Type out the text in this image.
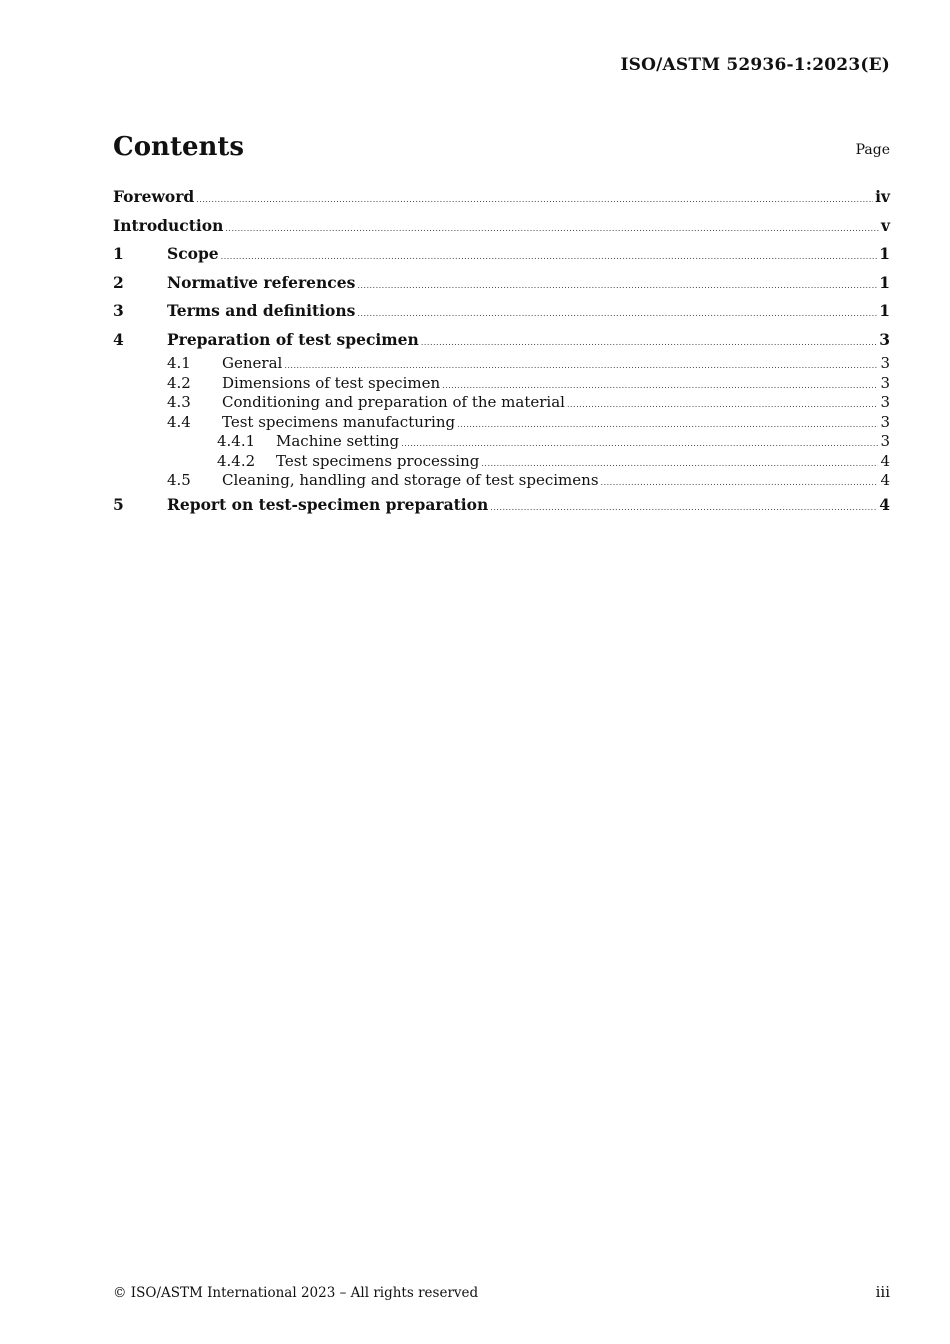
ISO/ASTM 52936-1:2023(E)
Contents	Page
Foreword .....	iv
Introduction .....	v
1	Scope .....	1
2	Normative references .....	1
3	Terms and definitions .....	1
4	Preparation of test specimen .....	3
4.1	General .....	3
4.2	Dimensions of test specimen .....	3
4.3	Conditioning and preparation of the material .....	3
4.4	Test specimens manufacturing .....	3
4.4.1	Machine setting .....	3
4.4.2	Test specimens processing .....	4
4.5	Cleaning, handling and storage of test specimens .....	4
5	Report on test-specimen preparation .....	4
© ISO/ASTM International 2023 – All rights reserved	iii
